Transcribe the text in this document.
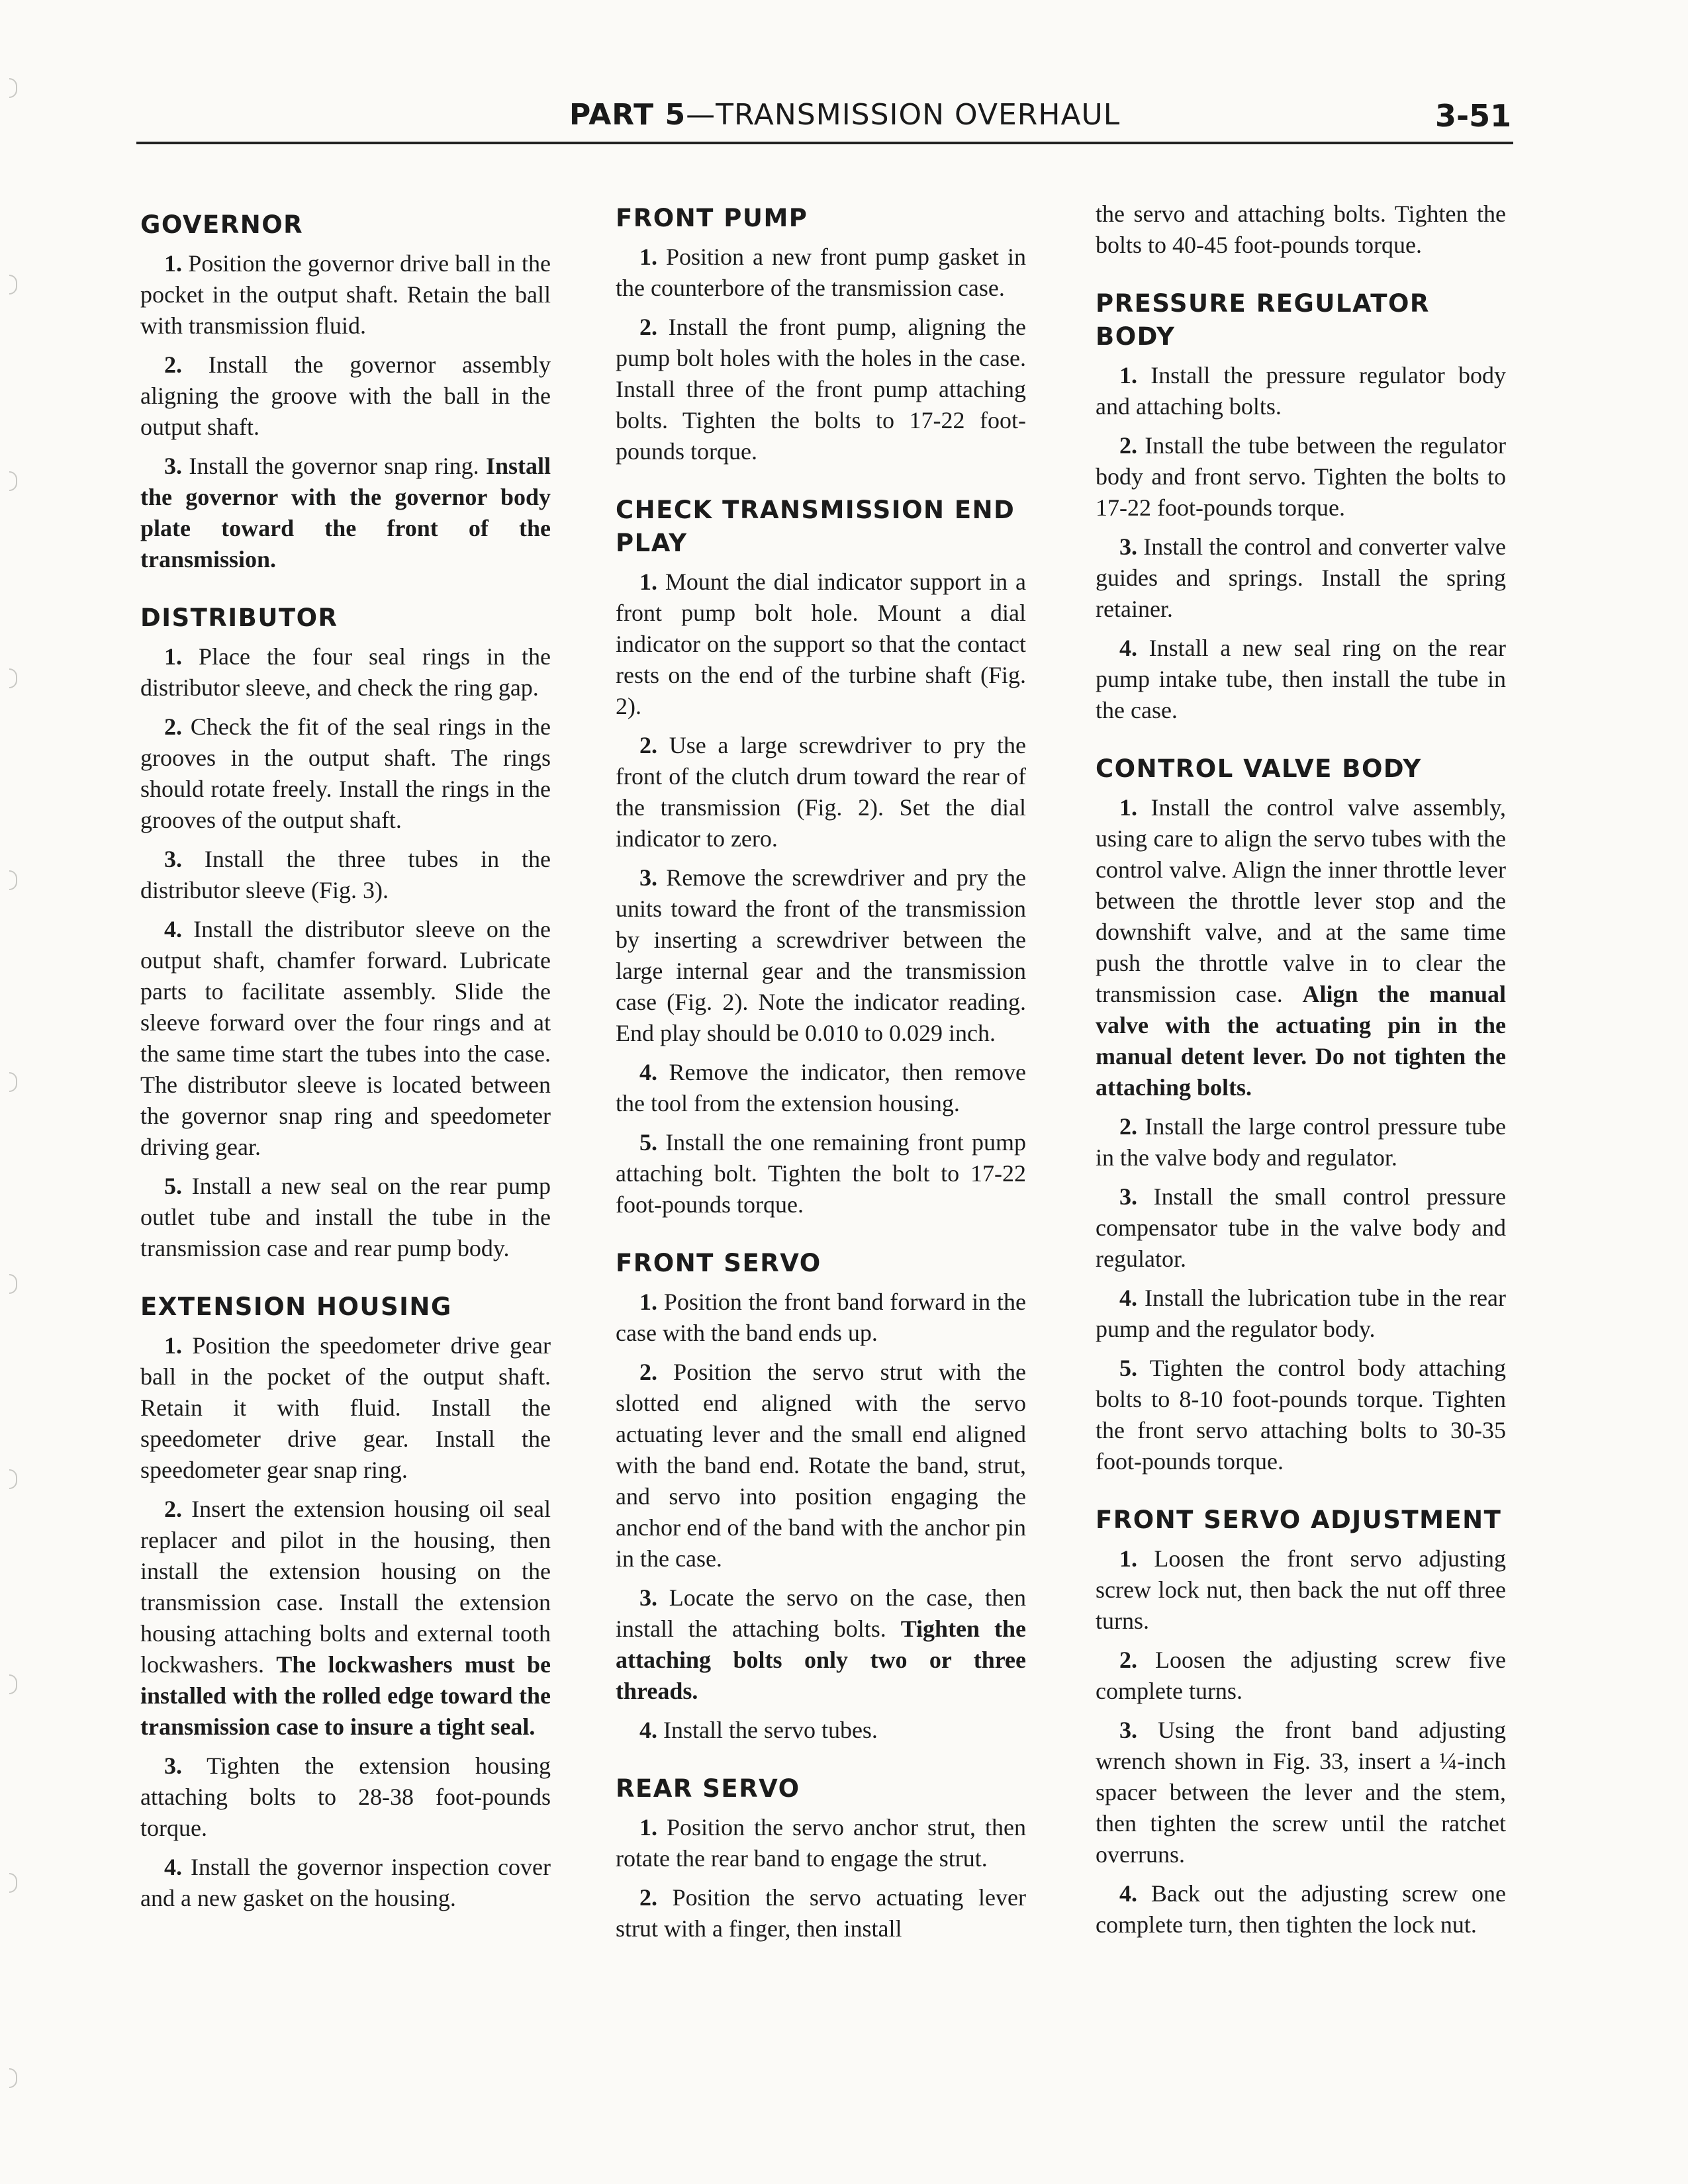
PART 5—TRANSMISSION OVERHAUL	3-51
GOVERNOR

1. Position the governor drive ball in the pocket in the output shaft. Retain the ball with transmission fluid.

2. Install the governor assembly aligning the groove with the ball in the output shaft.

3. Install the governor snap ring. Install the governor with the governor body plate toward the front of the transmission.

DISTRIBUTOR

1. Place the four seal rings in the distributor sleeve, and check the ring gap.

2. Check the fit of the seal rings in the grooves in the output shaft. The rings should rotate freely. Install the rings in the grooves of the output shaft.

3. Install the three tubes in the distributor sleeve (Fig. 3).

4. Install the distributor sleeve on the output shaft, chamfer forward. Lubricate parts to facilitate assembly. Slide the sleeve forward over the four rings and at the same time start the tubes into the case. The distributor sleeve is located between the governor snap ring and speedometer driving gear.

5. Install a new seal on the rear pump outlet tube and install the tube in the transmission case and rear pump body.

EXTENSION HOUSING

1. Position the speedometer drive gear ball in the pocket of the output shaft. Retain it with fluid. Install the speedometer drive gear. Install the speedometer gear snap ring.

2. Insert the extension housing oil seal replacer and pilot in the housing, then install the extension housing on the transmission case. Install the extension housing attaching bolts and external tooth lockwashers. The lockwashers must be installed with the rolled edge toward the transmission case to insure a tight seal.

3. Tighten the extension housing attaching bolts to 28-38 foot-pounds torque.

4. Install the governor inspection cover and a new gasket on the housing.

FRONT PUMP

1. Position a new front pump gasket in the counterbore of the transmission case.

2. Install the front pump, aligning the pump bolt holes with the holes in the case. Install three of the front pump attaching bolts. Tighten the bolts to 17-22 foot-pounds torque.

CHECK TRANSMISSION END PLAY

1. Mount the dial indicator support in a front pump bolt hole. Mount a dial indicator on the support so that the contact rests on the end of the turbine shaft (Fig. 2).

2. Use a large screwdriver to pry the front of the clutch drum toward the rear of the transmission (Fig. 2). Set the dial indicator to zero.

3. Remove the screwdriver and pry the units toward the front of the transmission by inserting a screwdriver between the large internal gear and the transmission case (Fig. 2). Note the indicator reading. End play should be 0.010 to 0.029 inch.

4. Remove the indicator, then remove the tool from the extension housing.

5. Install the one remaining front pump attaching bolt. Tighten the bolt to 17-22 foot-pounds torque.

FRONT SERVO

1. Position the front band forward in the case with the band ends up.

2. Position the servo strut with the slotted end aligned with the servo actuating lever and the small end aligned with the band end. Rotate the band, strut, and servo into position engaging the anchor end of the band with the anchor pin in the case.

3. Locate the servo on the case, then install the attaching bolts. Tighten the attaching bolts only two or three threads.

4. Install the servo tubes.

REAR SERVO

1. Position the servo anchor strut, then rotate the rear band to engage the strut.

2. Position the servo actuating lever strut with a finger, then install

the servo and attaching bolts. Tighten the bolts to 40-45 foot-pounds torque.

PRESSURE REGULATOR BODY

1. Install the pressure regulator body and attaching bolts.

2. Install the tube between the regulator body and front servo. Tighten the bolts to 17-22 foot-pounds torque.

3. Install the control and converter valve guides and springs. Install the spring retainer.

4. Install a new seal ring on the rear pump intake tube, then install the tube in the case.

CONTROL VALVE BODY

1. Install the control valve assembly, using care to align the servo tubes with the control valve. Align the inner throttle lever between the throttle lever stop and the downshift valve, and at the same time push the throttle valve in to clear the transmission case. Align the manual valve with the actuating pin in the manual detent lever. Do not tighten the attaching bolts.

2. Install the large control pressure tube in the valve body and regulator.

3. Install the small control pressure compensator tube in the valve body and regulator.

4. Install the lubrication tube in the rear pump and the regulator body.

5. Tighten the control body attaching bolts to 8-10 foot-pounds torque. Tighten the front servo attaching bolts to 30-35 foot-pounds torque.

FRONT SERVO ADJUSTMENT

1. Loosen the front servo adjusting screw lock nut, then back the nut off three turns.

2. Loosen the adjusting screw five complete turns.

3. Using the front band adjusting wrench shown in Fig. 33, insert a ¼-inch spacer between the lever and the stem, then tighten the screw until the ratchet overruns.

4. Back out the adjusting screw one complete turn, then tighten the lock nut.
